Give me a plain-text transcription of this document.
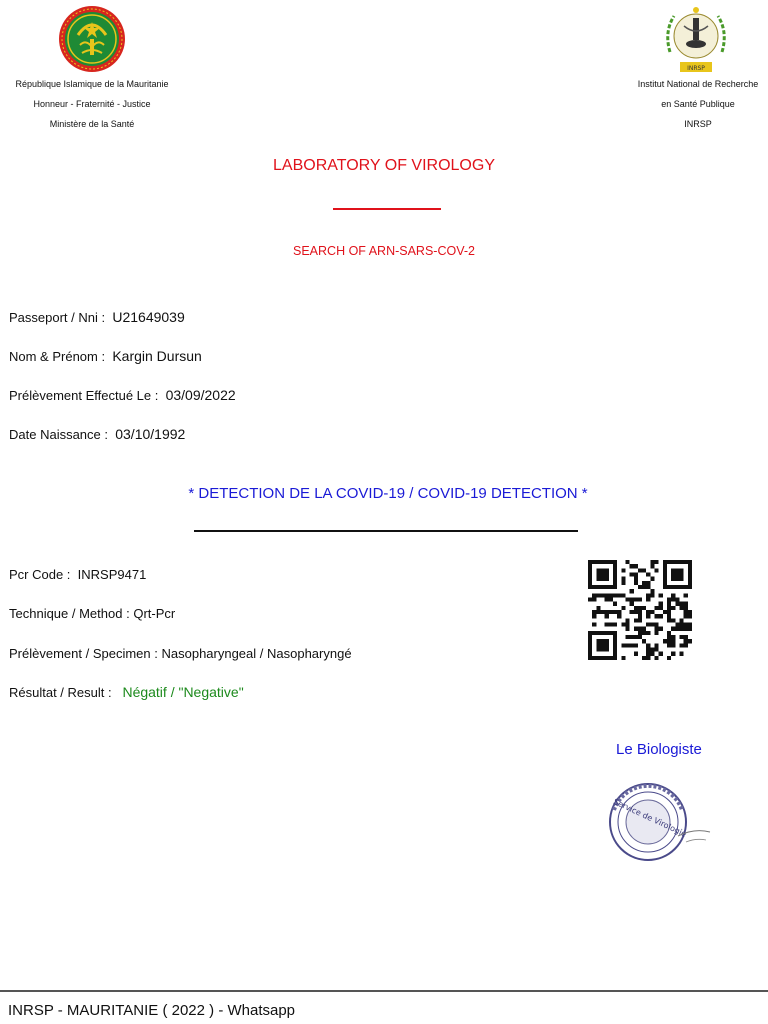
République Islamique de la Mauritanie
Honneur - Fraternité - Justice
Ministère de la Santé
INRSP
Institut National de Recherche
en Santé Publique
INRSP
LABORATORY OF VIROLOGY
SEARCH OF ARN-SARS-COV-2
Passeport / Nni : U21649039
Nom & Prénom : Kargin Dursun
Prélèvement Effectué Le : 03/09/2022
Date Naissance : 03/10/1992
* DETECTION DE LA COVID-19 / COVID-19 DETECTION *
Pcr Code : INRSP9471
Technique / Method : Qrt-Pcr
Prélèvement / Specimen : Nasopharyngeal / Nasopharyngé
Résultat / Result : Négatif / "Negative"
Le Biologiste
Service de Virologie
INRSP - MAURITANIE ( 2022 ) - Whatsapp
